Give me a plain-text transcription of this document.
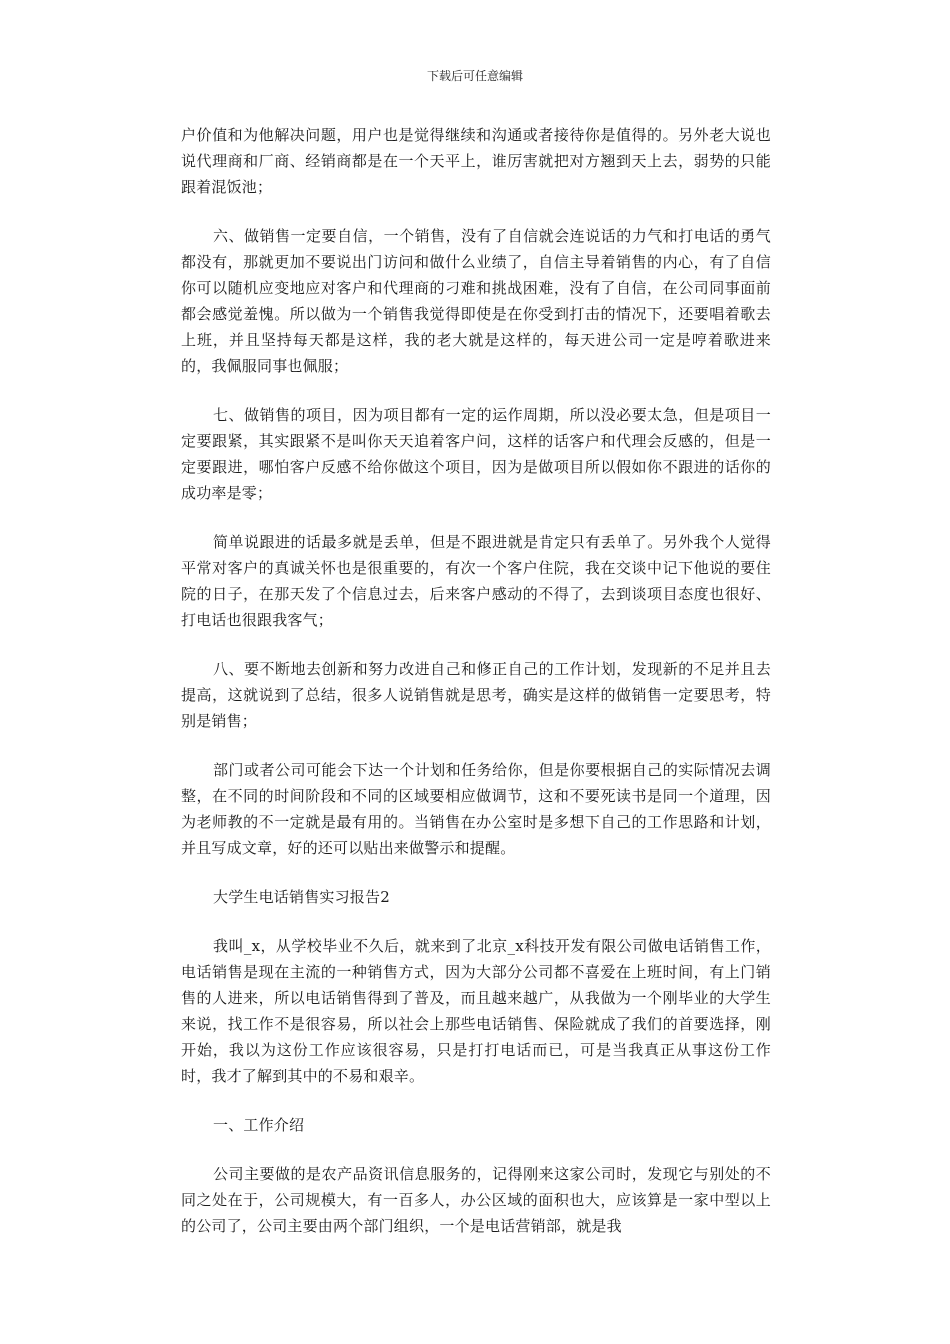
下载后可任意编辑

户价值和为他解决问题，用户也是觉得继续和沟通或者接待你是值得的。另外老大说也说代理商和厂商、经销商都是在一个天平上，谁厉害就把对方翘到天上去，弱势的只能跟着混饭池；

六、做销售一定要自信，一个销售，没有了自信就会连说话的力气和打电话的勇气都没有，那就更加不要说出门访问和做什么业绩了，自信主导着销售的内心，有了自信你可以随机应变地应对客户和代理商的刁难和挑战困难，没有了自信，在公司同事面前都会感觉羞愧。所以做为一个销售我觉得即使是在你受到打击的情况下，还要唱着歌去上班，并且坚持每天都是这样，我的老大就是这样的，每天进公司一定是哼着歌进来的，我佩服同事也佩服；

七、做销售的项目，因为项目都有一定的运作周期，所以没必要太急，但是项目一定要跟紧，其实跟紧不是叫你天天追着客户问，这样的话客户和代理会反感的，但是一定要跟进，哪怕客户反感不给你做这个项目，因为是做项目所以假如你不跟进的话你的成功率是零；

简单说跟进的话最多就是丢单，但是不跟进就是肯定只有丢单了。另外我个人觉得平常对客户的真诚关怀也是很重要的，有次一个客户住院，我在交谈中记下他说的要住院的日子，在那天发了个信息过去，后来客户感动的不得了，去到谈项目态度也很好、打电话也很跟我客气；

八、要不断地去创新和努力改进自己和修正自己的工作计划，发现新的不足并且去提高，这就说到了总结，很多人说销售就是思考，确实是这样的做销售一定要思考，特别是销售；

部门或者公司可能会下达一个计划和任务给你，但是你要根据自己的实际情况去调整，在不同的时间阶段和不同的区域要相应做调节，这和不要死读书是同一个道理，因为老师教的不一定就是最有用的。当销售在办公室时是多想下自己的工作思路和计划，并且写成文章，好的还可以贴出来做警示和提醒。

大学生电话销售实习报告2

我叫_x，从学校毕业不久后，就来到了北京_x科技开发有限公司做电话销售工作，电话销售是现在主流的一种销售方式，因为大部分公司都不喜爱在上班时间，有上门销售的人进来，所以电话销售得到了普及，而且越来越广，从我做为一个刚毕业的大学生来说，找工作不是很容易，所以社会上那些电话销售、保险就成了我们的首要选择，刚开始，我以为这份工作应该很容易，只是打打电话而已，可是当我真正从事这份工作时，我才了解到其中的不易和艰辛。

一、工作介绍

公司主要做的是农产品资讯信息服务的，记得刚来这家公司时，发现它与别处的不同之处在于，公司规模大，有一百多人，办公区域的面积也大，应该算是一家中型以上的公司了，公司主要由两个部门组织，一个是电话营销部，就是我
